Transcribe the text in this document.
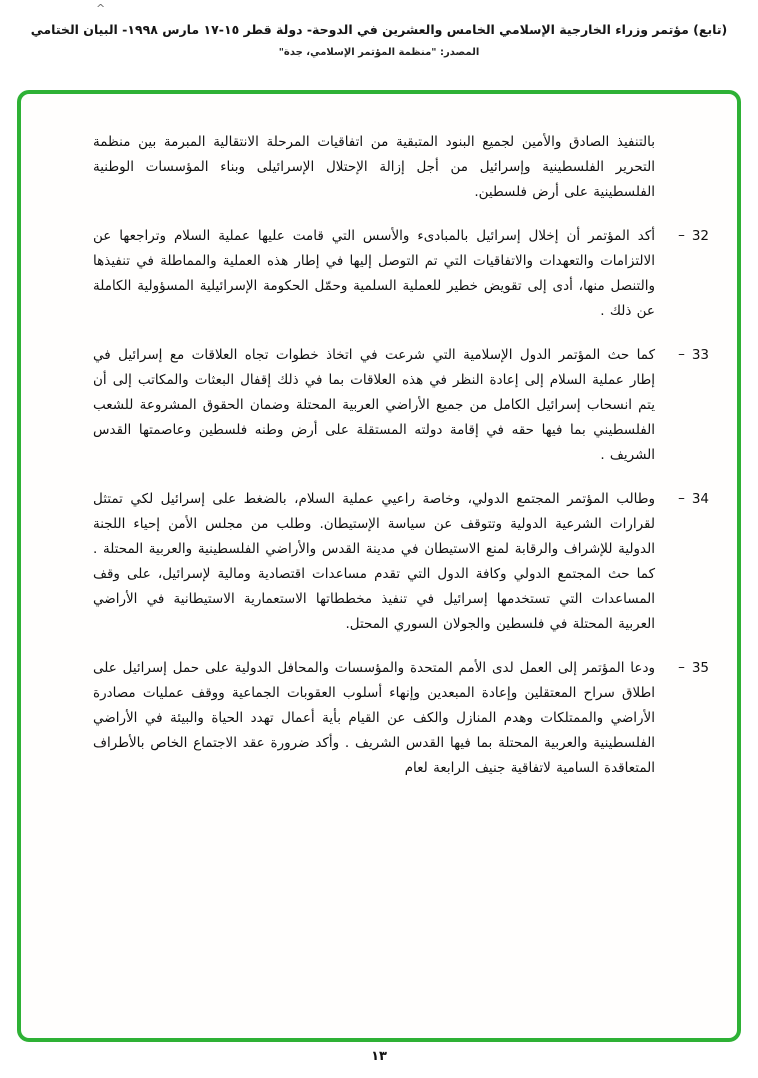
^
(تابع) مؤتمر وزراء الخارجية الإسلامي الخامس والعشرين في الدوحة- دولة قطر ١٥-١٧ مارس ١٩٩٨- البيان الختامي
المصدر: "منظمة المؤتمر الإسلامي، جدة"

بالتنفيذ الصادق والأمين لجميع البنود المتبقية من اتفاقيات المرحلة الانتقالية المبرمة بين منظمة التحرير الفلسطينية وإسرائيل من أجل إزالة الإحتلال الإسرائيلى وبناء المؤسسات الوطنية الفلسطينية على أرض فلسطين.

32
–

أكد المؤتمر أن إخلال إسرائيل بالمبادىء والأسس التي قامت عليها عملية السلام وتراجعها عن الالتزامات والتعهدات والاتفاقيات التي تم التوصل إليها في إطار هذه العملية والمماطلة في تنفيذها والتنصل منها، أدى إلى تقويض خطير للعملية السلمية وحمّل الحكومة الإسرائيلية المسؤولية الكاملة عن ذلك .

33
–

كما حث المؤتمر الدول الإسلامية التي شرعت في اتخاذ خطوات تجاه العلاقات مع إسرائيل في إطار عملية السلام إلى إعادة النظر في هذه العلاقات بما في ذلك إقفال البعثات والمكاتب إلى أن يتم انسحاب إسرائيل الكامل من جميع الأراضي العربية المحتلة وضمان الحقوق المشروعة للشعب الفلسطيني بما فيها حقه في إقامة دولته المستقلة على أرض وطنه فلسطين وعاصمتها القدس الشريف .

34
–

وطالب المؤتمر المجتمع الدولي، وخاصة راعيي عملية السلام، بالضغط على إسرائيل لكي تمتثل لقرارات الشرعية الدولية وتتوقف عن سياسة الإستيطان. وطلب من مجلس الأمن إحياء اللجنة الدولية للإشراف والرقابة لمنع الاستيطان في مدينة القدس والأراضي الفلسطينية والعربية المحتلة . كما حث المجتمع الدولي وكافة الدول التي تقدم مساعدات اقتصادية ومالية لإسرائيل، على وقف المساعدات التي تستخدمها إسرائيل في تنفيذ مخططاتها الاستعمارية الاستيطانية في الأراضي العربية المحتلة في فلسطين والجولان السوري المحتل.

35
–

ودعا المؤتمر إلى العمل لدى الأمم المتحدة والمؤسسات والمحافل الدولية على حمل إسرائيل على اطلاق سراح المعتقلين وإعادة المبعدين وإنهاء أسلوب العقوبات الجماعية ووقف عمليات مصادرة الأراضي والممتلكات وهدم المنازل والكف عن القيام بأية أعمال تهدد الحياة والبيئة في الأراضي الفلسطينية والعربية المحتلة بما فيها القدس الشريف . وأكد ضرورة عقد الاجتماع الخاص بالأطراف المتعاقدة السامية لاتفاقية جنيف الرابعة لعام

١٣
